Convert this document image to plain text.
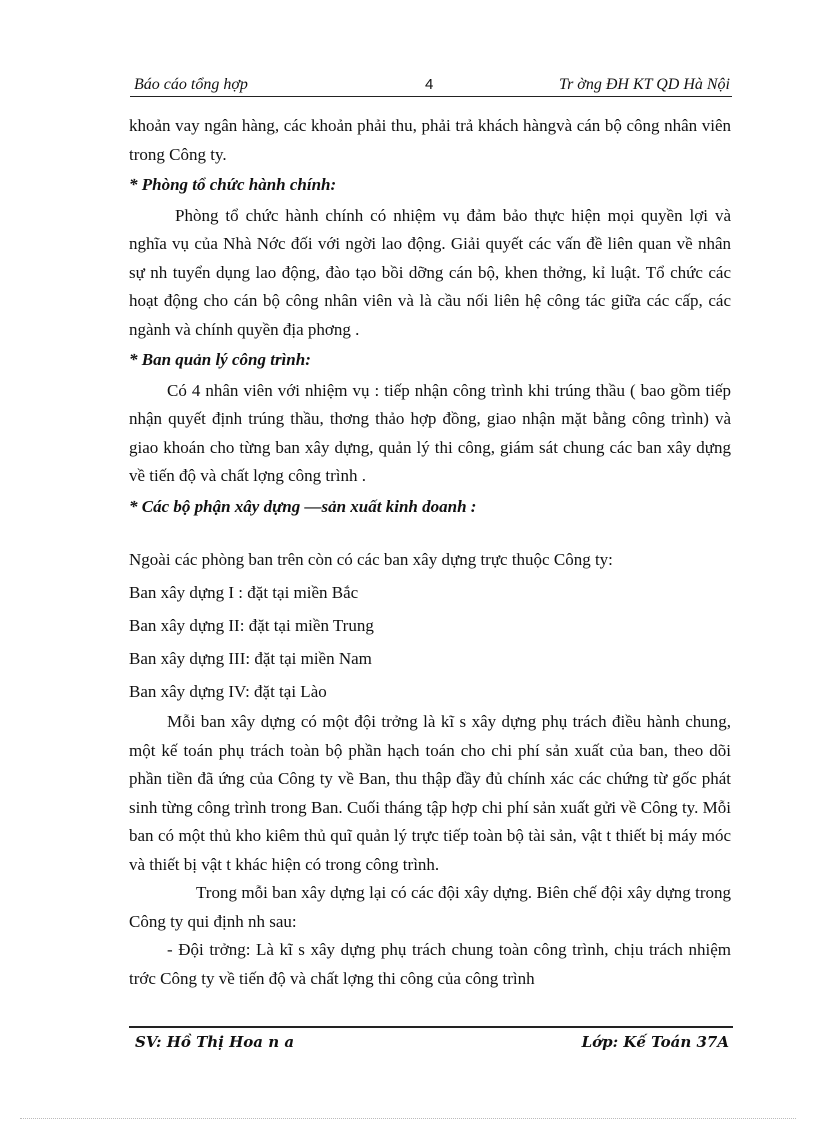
Báo cáo tổng hợp	4	Tr ờng ĐH KT QD Hà Nội

khoản vay ngân hàng, các khoản phải thu, phải trả khách hàngvà cán bộ công nhân viên trong Công ty.

* Phòng tổ chức hành chính:

Phòng tổ chức hành chính có nhiệm vụ đảm bảo thực hiện mọi quyền lợi và nghĩa vụ của Nhà Nớc đối với ngời lao động. Giải quyết các vấn đề liên quan về nhân sự nh tuyển dụng lao động, đào tạo bồi dỡng cán bộ, khen thởng, kỉ luật. Tổ chức các hoạt động cho cán bộ công nhân viên và là cầu nối liên hệ công tác giữa các cấp, các ngành và chính quyền địa phơng .

* Ban quản lý công trình:

Có 4 nhân viên với nhiệm vụ : tiếp nhận công trình khi trúng thầu ( bao gồm tiếp nhận quyết định trúng thầu, thơng thảo hợp đồng, giao nhận mặt bằng công trình) và giao khoán cho từng ban xây dựng, quản lý thi công, giám sát chung các ban xây dựng về tiến độ và chất lợng công trình .

* Các bộ phận xây dựng —sản xuất kinh doanh :

Ngoài các phòng ban trên còn có các ban xây dựng trực thuộc Công ty:

Ban xây dựng I : đặt tại miền Bắc

Ban xây dựng II: đặt tại miền Trung

Ban xây dựng III: đặt tại miền Nam

Ban xây dựng IV: đặt tại Lào

Mỗi ban xây dựng có một đội trởng là kĩ s xây dựng phụ trách điều hành chung, một kế toán phụ trách toàn bộ phần hạch toán cho chi phí sản xuất của ban, theo dõi phần tiền đã ứng của Công ty về Ban, thu thập đầy đủ chính xác các chứng từ gốc phát sinh từng công trình trong Ban. Cuối tháng tập hợp chi phí sản xuất gửi về Công ty. Mỗi ban có một thủ kho kiêm thủ quĩ quản lý trực tiếp toàn bộ tài sản, vật t thiết bị máy móc và thiết bị vật t khác hiện có trong công trình.

Trong mỗi ban xây dựng lại có các đội xây dựng. Biên chế đội xây dựng trong Công ty qui định nh sau:

- Đội trởng: Là kĩ s xây dựng phụ trách chung toàn công trình, chịu trách nhiệm trớc Công ty về tiến độ và chất lợng thi công của công trình

SV: Hồ Thị Hoa n a	Lớp: Kế Toán 37A
